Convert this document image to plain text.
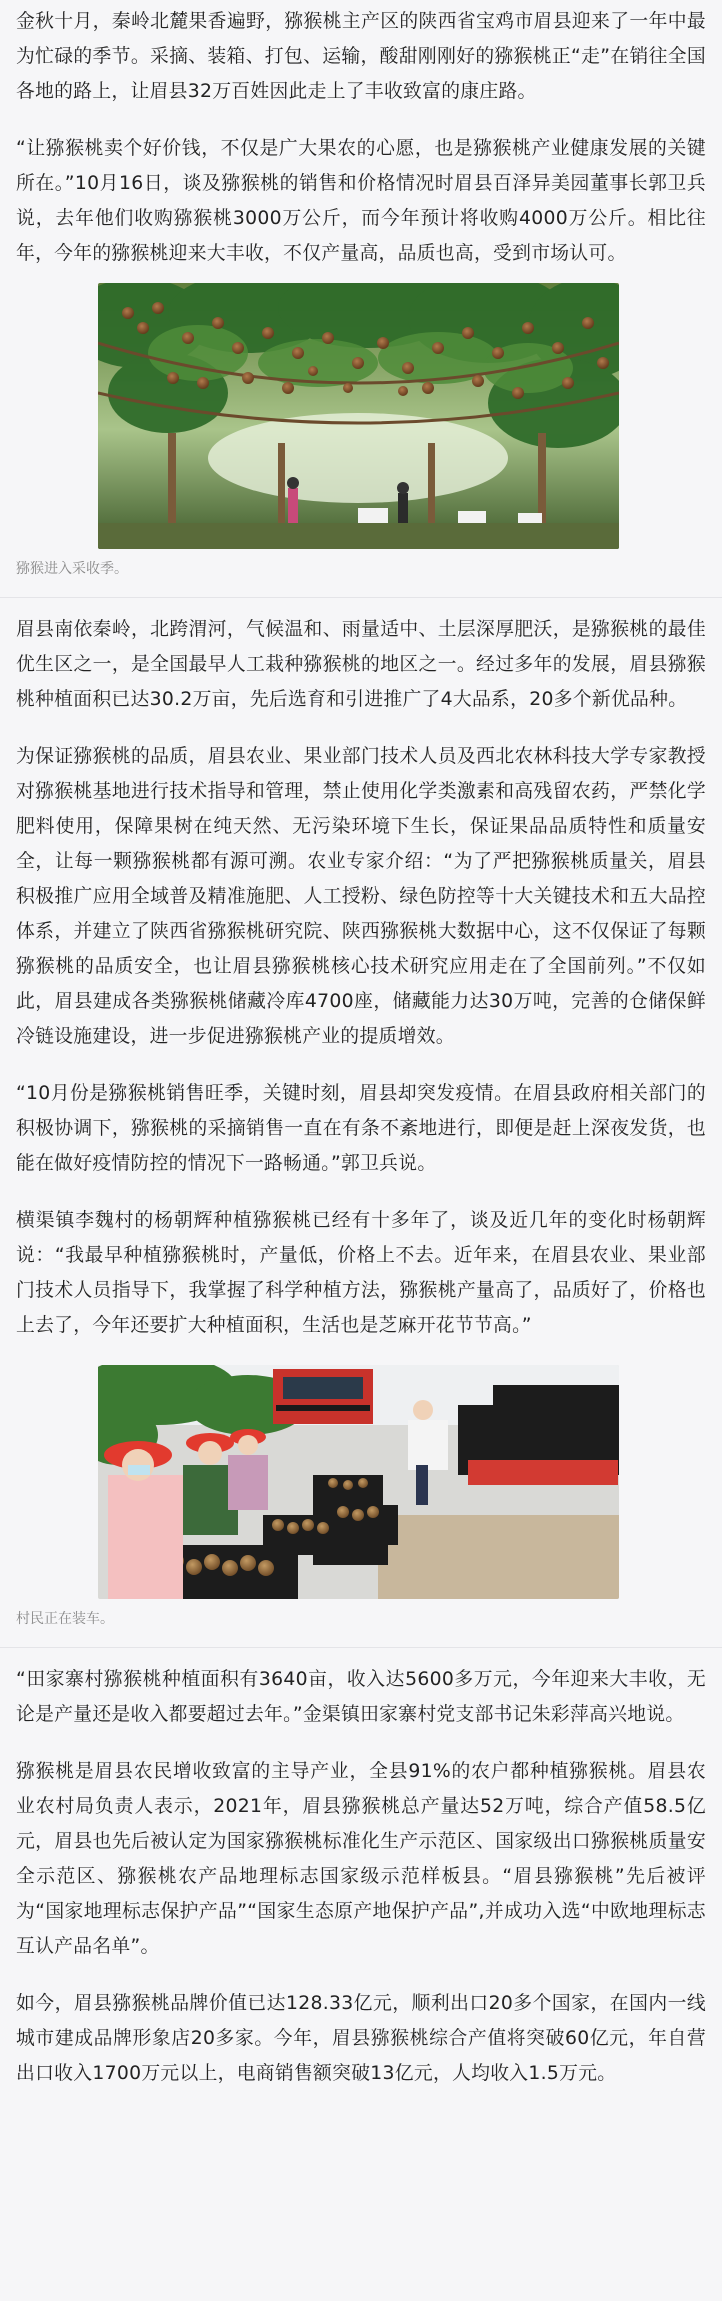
金秋十月，秦岭北麓果香遍野，猕猴桃主产区的陕西省宝鸡市眉县迎来了一年中最为忙碌的季节。采摘、装箱、打包、运输，酸甜刚刚好的猕猴桃正“走”在销往全国各地的路上，让眉县32万百姓因此走上了丰收致富的康庄路。

“让猕猴桃卖个好价钱，不仅是广大果农的心愿，也是猕猴桃产业健康发展的关键所在。”10月16日，谈及猕猴桃的销售和价格情况时眉县百泽异美园董事长郭卫兵说，去年他们收购猕猴桃3000万公斤，而今年预计将收购4000万公斤。相比往年，今年的猕猴桃迎来大丰收，不仅产量高，品质也高，受到市场认可。

猕猴进入采收季。

眉县南依秦岭，北跨渭河，气候温和、雨量适中、土层深厚肥沃，是猕猴桃的最佳优生区之一，是全国最早人工栽种猕猴桃的地区之一。经过多年的发展，眉县猕猴桃种植面积已达30.2万亩，先后选育和引进推广了4大品系，20多个新优品种。

为保证猕猴桃的品质，眉县农业、果业部门技术人员及西北农林科技大学专家教授对猕猴桃基地进行技术指导和管理，禁止使用化学类激素和高残留农药，严禁化学肥料使用，保障果树在纯天然、无污染环境下生长，保证果品品质特性和质量安全，让每一颗猕猴桃都有源可溯。农业专家介绍：“为了严把猕猴桃质量关，眉县积极推广应用全域普及精准施肥、人工授粉、绿色防控等十大关键技术和五大品控体系，并建立了陕西省猕猴桃研究院、陕西猕猴桃大数据中心，这不仅保证了每颗猕猴桃的品质安全，也让眉县猕猴桃核心技术研究应用走在了全国前列。”不仅如此，眉县建成各类猕猴桃储藏冷库4700座，储藏能力达30万吨，完善的仓储保鲜冷链设施建设，进一步促进猕猴桃产业的提质增效。

“10月份是猕猴桃销售旺季，关键时刻，眉县却突发疫情。在眉县政府相关部门的积极协调下，猕猴桃的采摘销售一直在有条不紊地进行，即便是赶上深夜发货，也能在做好疫情防控的情况下一路畅通。”郭卫兵说。

横渠镇李魏村的杨朝辉种植猕猴桃已经有十多年了，谈及近几年的变化时杨朝辉说：“我最早种植猕猴桃时，产量低，价格上不去。近年来，在眉县农业、果业部门技术人员指导下，我掌握了科学种植方法，猕猴桃产量高了，品质好了，价格也上去了，今年还要扩大种植面积，生活也是芝麻开花节节高。”

村民正在装车。

“田家寨村猕猴桃种植面积有3640亩，收入达5600多万元，今年迎来大丰收，无论是产量还是收入都要超过去年。”金渠镇田家寨村党支部书记朱彩萍高兴地说。

猕猴桃是眉县农民增收致富的主导产业，全县91%的农户都种植猕猴桃。眉县农业农村局负责人表示，2021年，眉县猕猴桃总产量达52万吨，综合产值58.5亿元，眉县也先后被认定为国家猕猴桃标准化生产示范区、国家级出口猕猴桃质量安全示范区、猕猴桃农产品地理标志国家级示范样板县。“眉县猕猴桃”先后被评为“国家地理标志保护产品”“国家生态原产地保护产品”,并成功入选“中欧地理标志互认产品名单”。

如今，眉县猕猴桃品牌价值已达128.33亿元，顺利出口20多个国家，在国内一线城市建成品牌形象店20多家。今年，眉县猕猴桃综合产值将突破60亿元，年自营出口收入1700万元以上，电商销售额突破13亿元，人均收入1.5万元。
